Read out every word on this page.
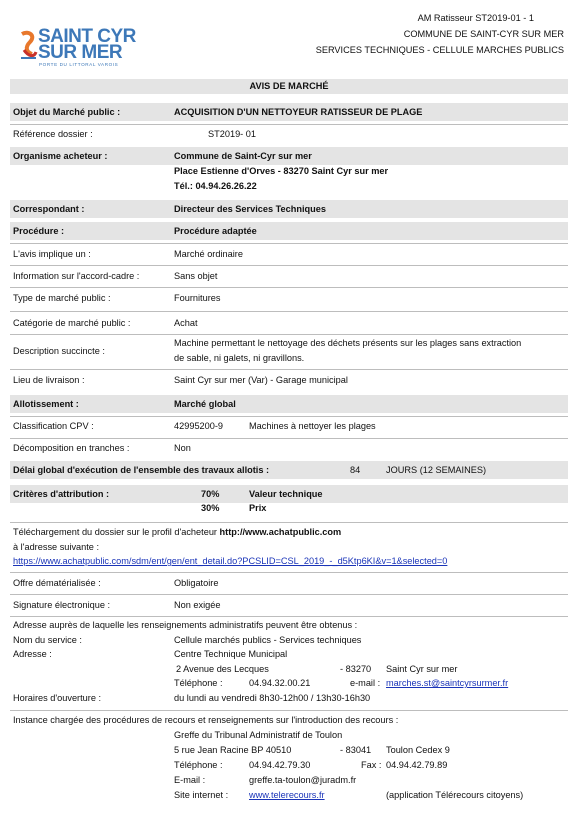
AM Ratisseur ST2019-01 - 1
COMMUNE DE SAINT-CYR SUR MER
SERVICES TECHNIQUES - CELLULE MARCHES PUBLICS
SAINT CYR
SUR MER
PORTE DU LITTORAL VAROIS
AVIS DE MARCHÉ
Objet du Marché public :	ACQUISITION D'UN NETTOYEUR RATISSEUR DE PLAGE
Référence dossier :	ST2019- 01
Organisme acheteur :	Commune de Saint-Cyr sur mer
Place Estienne d'Orves - 83270 Saint Cyr sur mer
Tél.: 04.94.26.26.22
Correspondant :	Directeur des Services Techniques
Procédure :	Procédure adaptée
L'avis implique un :	Marché ordinaire
Information sur l'accord-cadre :	Sans objet
Type de marché public :	Fournitures
Catégorie de marché public :	Achat
Description succincte :
Machine permettant le nettoyage des déchets présents sur les plages sans extraction
de sable, ni galets, ni gravillons.
Lieu de livraison :	Saint Cyr sur mer (Var) - Garage municipal
Allotissement :	Marché global
Classification CPV :	42995200-9	Machines à nettoyer les plages
Décomposition en tranches :	Non
Délai global d'exécution de l'ensemble des travaux allotis :	84	JOURS (12 SEMAINES)
Critères d'attribution :	70%	Valeur technique
30%	Prix
Téléchargement du dossier sur le profil d'acheteur http://www.achatpublic.com
à l'adresse suivante :
https://www.achatpublic.com/sdm/ent/gen/ent_detail.do?PCSLID=CSL_2019_-_d5Ktp6KI&v=1&selected=0
Offre dématérialisée :	Obligatoire
Signature électronique :	Non exigée
Adresse auprès de laquelle les renseignements administratifs peuvent être obtenus :
Nom du service :	Cellule marchés publics - Services techniques
Adresse :	Centre Technique Municipal
2 Avenue des Lecques	- 83270 Saint Cyr sur mer
Téléphone :	04.94.32.00.21	e-mail : marches.st@saintcyrsurmer.fr
Horaires d'ouverture :	du lundi au vendredi 8h30-12h00 / 13h30-16h30
Instance chargée des procédures de recours et renseignements sur l'introduction des recours :
Greffe du Tribunal Administratif de Toulon
5 rue Jean Racine BP 40510	- 83041 Toulon Cedex 9
Téléphone :	04.94.42.79.30	Fax : 04.94.42.79.89
E-mail :	greffe.ta-toulon@juradm.fr
Site internet : www.telerecours.fr	(application Télérecours citoyens)
